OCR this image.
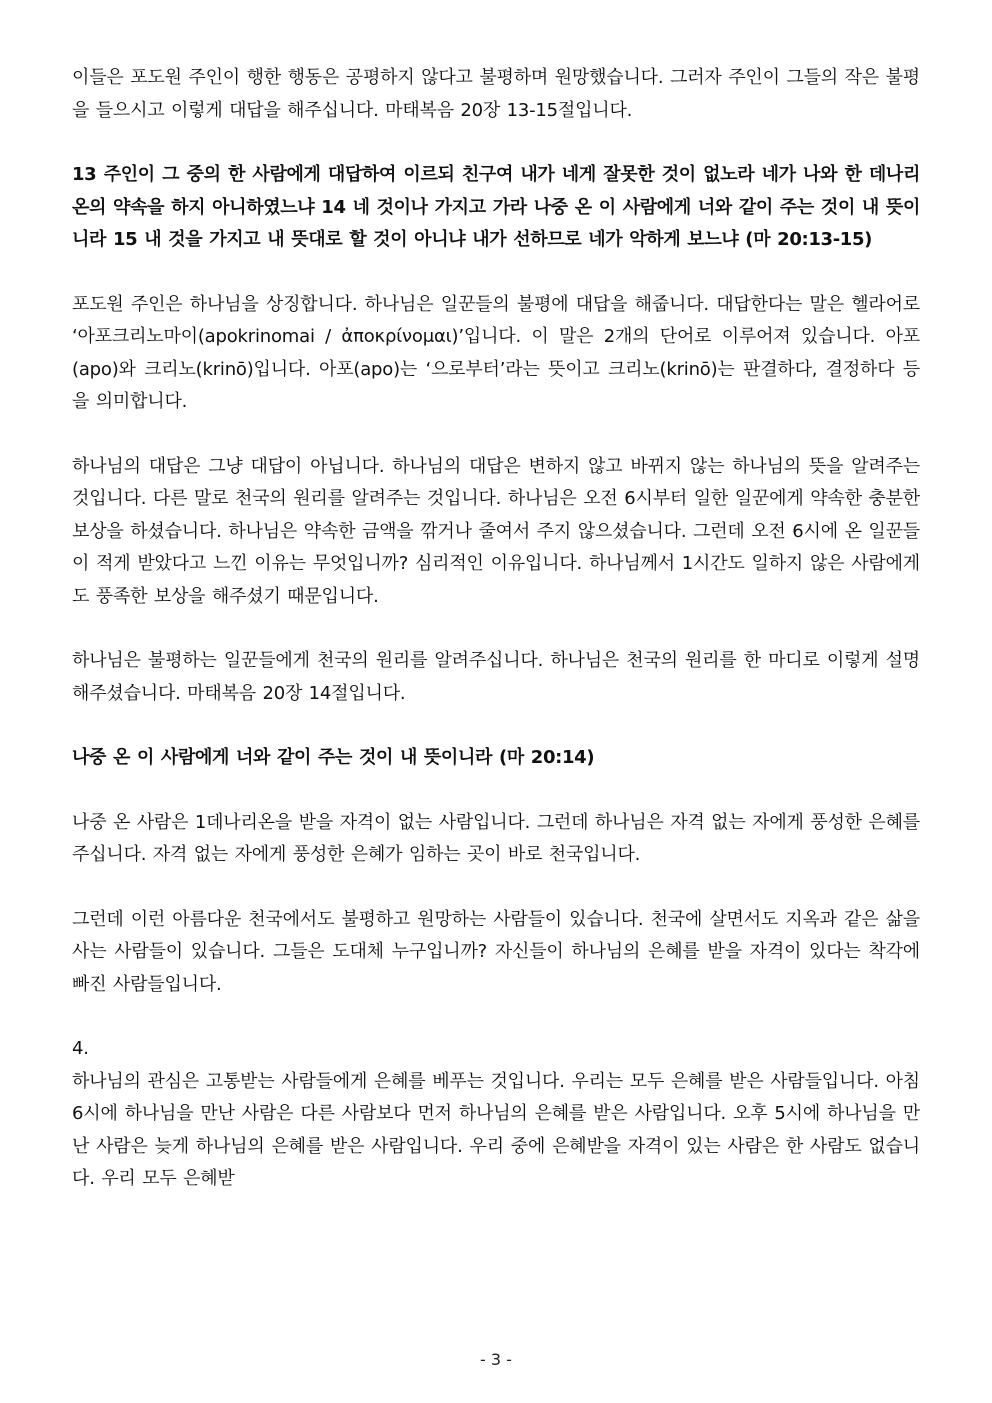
이들은 포도원 주인이 행한 행동은 공평하지 않다고 불평하며 원망했습니다. 그러자 주인이 그들의 작은 불평을 들으시고 이렇게 대답을 해주십니다. 마태복음 20장 13-15절입니다.

13 주인이 그 중의 한 사람에게 대답하여 이르되 친구여 내가 네게 잘못한 것이 없노라 네가 나와 한 데나리온의 약속을 하지 아니하였느냐 14 네 것이나 가지고 가라 나중 온 이 사람에게 너와 같이 주는 것이 내 뜻이니라 15 내 것을 가지고 내 뜻대로 할 것이 아니냐 내가 선하므로 네가 악하게 보느냐 (마 20:13-15)

포도원 주인은 하나님을 상징합니다. 하나님은 일꾼들의 불평에 대답을 해줍니다. 대답한다는 말은 헬라어로 ‘아포크리노마이(apokrinomai / ἀποκρίνομαι)’입니다. 이 말은 2개의 단어로 이루어져 있습니다. 아포(apo)와 크리노(krinō)입니다. 아포(apo)는 ‘으로부터’라는 뜻이고 크리노(krinō)는 판결하다, 결정하다 등을 의미합니다.

하나님의 대답은 그냥 대답이 아닙니다. 하나님의 대답은 변하지 않고 바뀌지 않는 하나님의 뜻을 알려주는 것입니다. 다른 말로 천국의 원리를 알려주는 것입니다. 하나님은 오전 6시부터 일한 일꾼에게 약속한 충분한 보상을 하셨습니다. 하나님은 약속한 금액을 깎거나 줄여서 주지 않으셨습니다. 그런데 오전 6시에 온 일꾼들이 적게 받았다고 느낀 이유는 무엇입니까? 심리적인 이유입니다. 하나님께서 1시간도 일하지 않은 사람에게도 풍족한 보상을 해주셨기 때문입니다.

하나님은 불평하는 일꾼들에게 천국의 원리를 알려주십니다. 하나님은 천국의 원리를 한 마디로 이렇게 설명해주셨습니다. 마태복음 20장 14절입니다.

나중 온 이 사람에게 너와 같이 주는 것이 내 뜻이니라 (마 20:14)

나중 온 사람은 1데나리온을 받을 자격이 없는 사람입니다. 그런데 하나님은 자격 없는 자에게 풍성한 은혜를 주십니다. 자격 없는 자에게 풍성한 은혜가 임하는 곳이 바로 천국입니다.

그런데 이런 아름다운 천국에서도 불평하고 원망하는 사람들이 있습니다. 천국에 살면서도 지옥과 같은 삶을 사는 사람들이 있습니다. 그들은 도대체 누구입니까? 자신들이 하나님의 은혜를 받을 자격이 있다는 착각에 빠진 사람들입니다.

4.

하나님의 관심은 고통받는 사람들에게 은혜를 베푸는 것입니다. 우리는 모두 은혜를 받은 사람들입니다. 아침 6시에 하나님을 만난 사람은 다른 사람보다 먼저 하나님의 은혜를 받은 사람입니다. 오후 5시에 하나님을 만난 사람은 늦게 하나님의 은혜를 받은 사람입니다. 우리 중에 은혜받을 자격이 있는 사람은 한 사람도 없습니다. 우리 모두 은혜받

- 3 -
